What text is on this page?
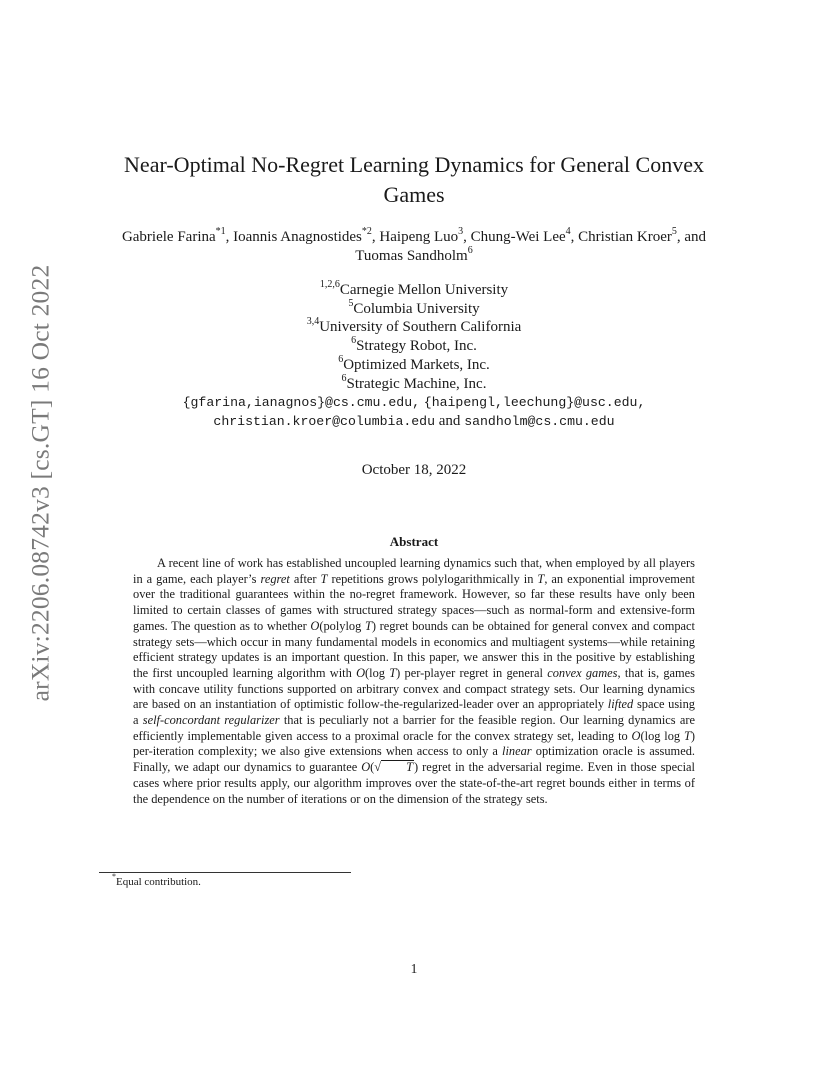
arXiv:2206.08742v3 [cs.GT] 16 Oct 2022
Near-Optimal No-Regret Learning Dynamics for General Convex Games
Gabriele Farina$^{*1}$, Ioannis Anagnostides$^{*2}$, Haipeng Luo$^3$, Chung-Wei Lee$^4$, Christian Kroer$^5$, and Tuomas Sandholm$^6$
$^{1,2,6}$Carnegie Mellon University
$^5$Columbia University
$^{3,4}$University of Southern California
$^6$Strategy Robot, Inc.
$^6$Optimized Markets, Inc.
$^6$Strategic Machine, Inc.
{gfarina,ianagnos}@cs.cmu.edu, {haipengl,leechung}@usc.edu,
christian.kroer@columbia.edu and sandholm@cs.cmu.edu
October 18, 2022
Abstract

A recent line of work has established uncoupled learning dynamics such that, when employed by all players in a game, each player’s regret after T repetitions grows polylogarithmically in T, an exponential improvement over the traditional guarantees within the no-regret framework. However, so far these results have only been limited to certain classes of games with structured strategy spaces—such as normal-form and extensive-form games. The question as to whether O(polylog T) regret bounds can be obtained for general convex and compact strategy sets—which occur in many fundamental models in economics and multiagent systems—while retaining efficient strategy updates is an important question. In this paper, we answer this in the positive by establishing the first uncoupled learning algorithm with O(log T) per-player regret in general convex games, that is, games with concave utility functions supported on arbitrary convex and compact strategy sets. Our learning dynamics are based on an instantiation of optimistic follow-the-regularized-leader over an appropriately lifted space using a self-concordant regularizer that is peculiarly not a barrier for the feasible region. Our learning dynamics are efficiently implementable given access to a proximal oracle for the convex strategy set, leading to O(log log T) per-iteration complexity; we also give extensions when access to only a linear optimization oracle is assumed. Finally, we adapt our dynamics to guarantee O(√ T) regret in the adversarial regime. Even in those special cases where prior results apply, our algorithm improves over the state-of-the-art regret bounds either in terms of the dependence on the number of iterations or on the dimension of the strategy sets.

*Equal contribution.
1
